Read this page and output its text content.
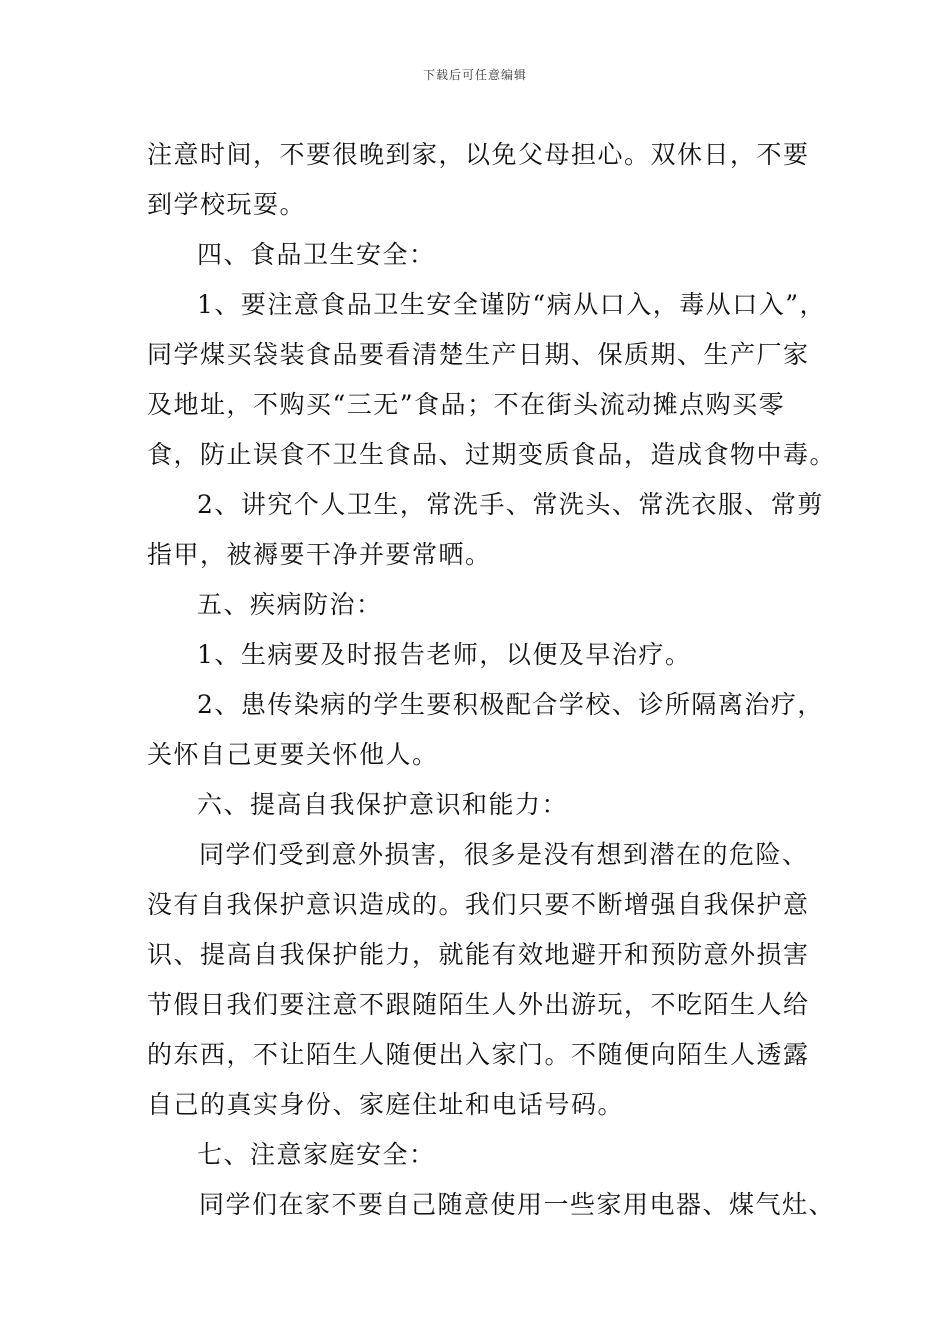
下载后可任意编辑
注意时间，不要很晚到家，以免父母担心。双休日，不要
到学校玩耍。
四、食品卫生安全：
1、要注意食品卫生安全谨防“病从口入，毒从口入”，
同学煤买袋装食品要看清楚生产日期、保质期、生产厂家
及地址，不购买“三无”食品；不在街头流动摊点购买零
食，防止误食不卫生食品、过期变质食品，造成食物中毒。
2、讲究个人卫生，常洗手、常洗头、常洗衣服、常剪
指甲，被褥要干净并要常晒。
五、疾病防治：
1、生病要及时报告老师，以便及早治疗。
2、患传染病的学生要积极配合学校、诊所隔离治疗，
关怀自己更要关怀他人。
六、提高自我保护意识和能力：
同学们受到意外损害，很多是没有想到潜在的危险、
没有自我保护意识造成的。我们只要不断增强自我保护意
识、提高自我保护能力，就能有效地避开和预防意外损害
节假日我们要注意不跟随陌生人外出游玩，不吃陌生人给
的东西，不让陌生人随便出入家门。不随便向陌生人透露
自己的真实身份、家庭住址和电话号码。
七、注意家庭安全：
同学们在家不要自己随意使用一些家用电器、煤气灶、
